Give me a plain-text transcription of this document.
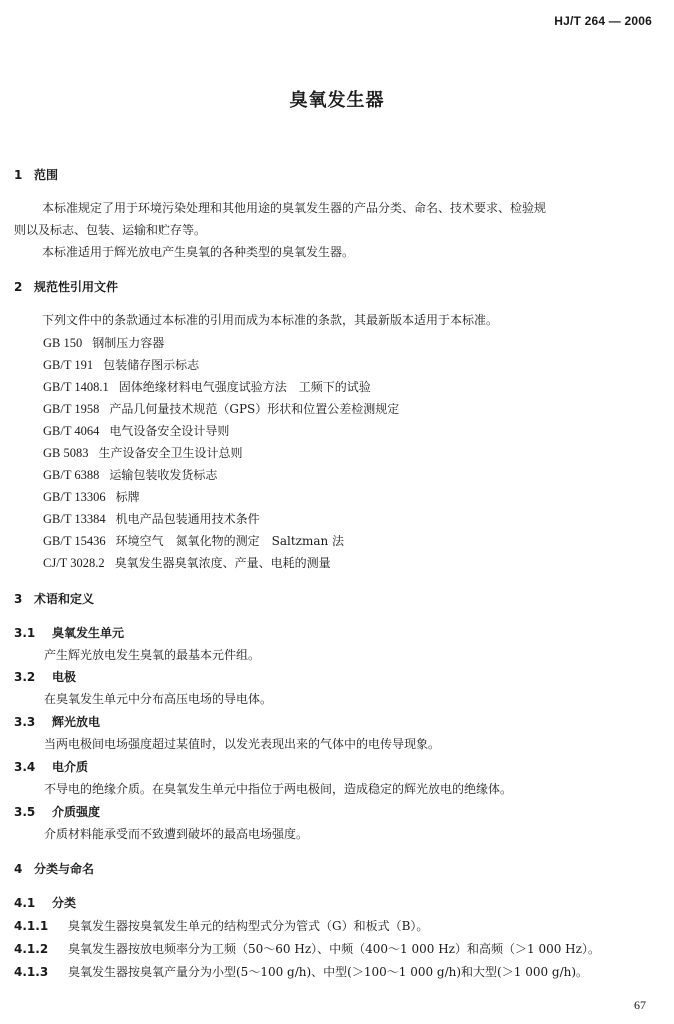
HJ/T 264 — 2006
臭氧发生器
1 范围
本标准规定了用于环境污染处理和其他用途的臭氧发生器的产品分类、命名、技术要求、检验规
则以及标志、包装、运输和贮存等。
本标准适用于辉光放电产生臭氧的各种类型的臭氧发生器。
2 规范性引用文件
下列文件中的条款通过本标准的引用而成为本标准的条款，其最新版本适用于本标准。
GB 150 钢制压力容器
GB/T 191 包装储存图示标志
GB/T 1408.1 固体绝缘材料电气强度试验方法　工频下的试验
GB/T 1958 产品几何量技术规范（GPS）形状和位置公差检测规定
GB/T 4064 电气设备安全设计导则
GB 5083 生产设备安全卫生设计总则
GB/T 6388 运输包装收发货标志
GB/T 13306 标牌
GB/T 13384 机电产品包装通用技术条件
GB/T 15436 环境空气　氮氧化物的测定　Saltzman 法
CJ/T 3028.2 臭氧发生器臭氧浓度、产量、电耗的测量
3 术语和定义
3.1 臭氧发生单元
产生辉光放电发生臭氧的最基本元件组。
3.2 电极
在臭氧发生单元中分布高压电场的导电体。
3.3 辉光放电
当两电极间电场强度超过某值时，以发光表现出来的气体中的电传导现象。
3.4 电介质
不导电的绝缘介质。在臭氧发生单元中指位于两电极间，造成稳定的辉光放电的绝缘体。
3.5 介质强度
介质材料能承受而不致遭到破坏的最高电场强度。
4 分类与命名
4.1 分类
4.1.1 臭氧发生器按臭氧发生单元的结构型式分为管式（G）和板式（B）。
4.1.2 臭氧发生器按放电频率分为工频（50～60 Hz）、中频（400～1 000 Hz）和高频（＞1 000 Hz）。
4.1.3 臭氧发生器按臭氧产量分为小型(5～100 g/h)、中型(＞100～1 000 g/h)和大型(＞1 000 g/h)。
67
